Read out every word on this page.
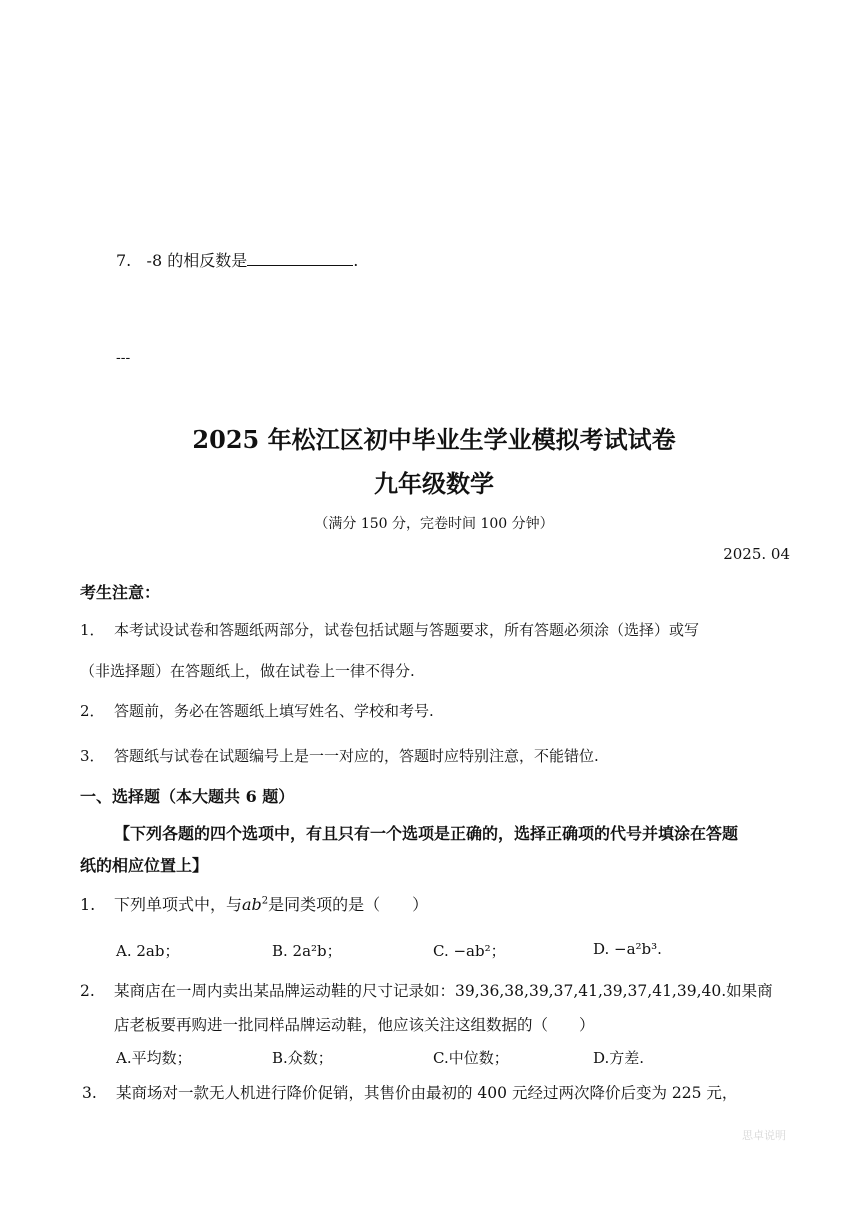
7. -8 的相反数是	.
---
2025 年松江区初中毕业生学业模拟考试试卷
九年级数学
（满分 150 分，完卷时间 100 分钟）
2025. 04
考生注意：
1． 本考试设试卷和答题纸两部分，试卷包括试题与答题要求，所有答题必须涂（选择）或写
（非选择题）在答题纸上，做在试卷上一律不得分.
2． 答题前，务必在答题纸上填写姓名、学校和考号.
3． 答题纸与试卷在试题编号上是一一对应的，答题时应特别注意，不能错位.
一、选择题（本大题共 6 题）
【下列各题的四个选项中，有且只有一个选项是正确的，选择正确项的代号并填涂在答题
纸的相应位置上】
1. 下列单项式中，与$ab^2$是同类项的是（　　）
A. 2ab；	B. 2a²b；	C. −ab²；	D. −a²b³.
2. 某商店在一周内卖出某品牌运动鞋的尺寸记录如：39,36,38,39,37,41,39,37,41,39,40.如果商
店老板要再购进一批同样品牌运动鞋，他应该关注这组数据的（　　）
A.平均数；	B.众数；	C.中位数；	D.方差.
3. 某商场对一款无人机进行降价促销，其售价由最初的 400 元经过两次降价后变为 225 元，
思卓说明
